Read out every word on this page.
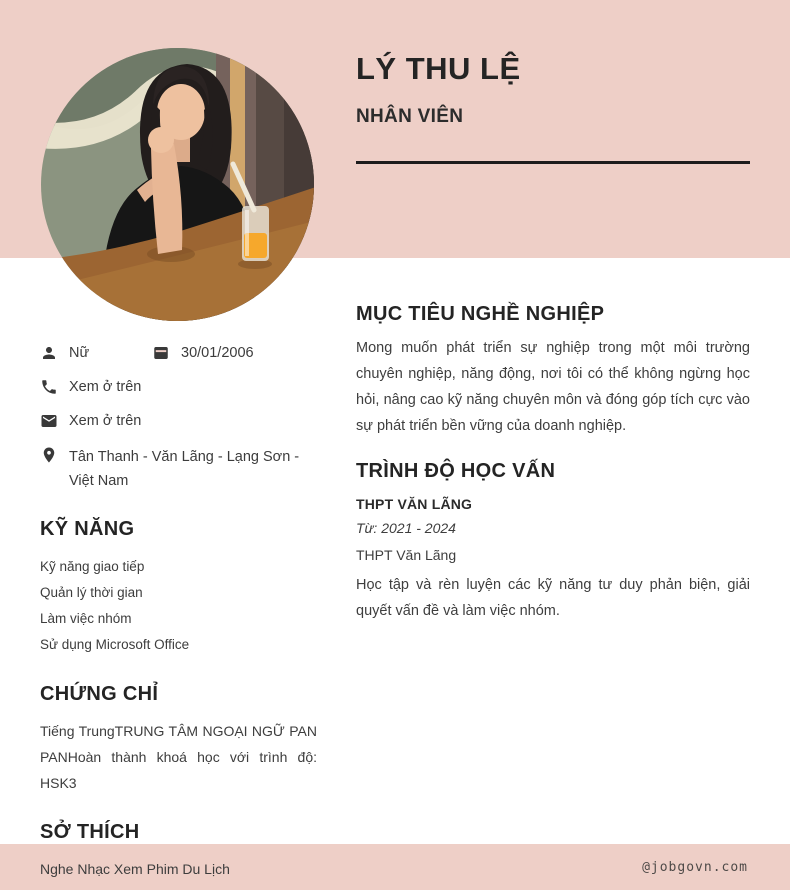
@jobgovn.com
LÝ THU LỆ
NHÂN VIÊN
Nữ	30/01/2006
Xem ở trên
Xem ở trên
Tân Thanh - Văn Lãng - Lạng Sơn - Việt Nam
KỸ NĂNG
Kỹ năng giao tiếp
Quản lý thời gian
Làm việc nhóm
Sử dụng Microsoft Office
CHỨNG CHỈ
Tiếng TrungTRUNG TÂM NGOẠI NGỮ PAN PANHoàn thành khoá học với trình độ: HSK3
SỞ THÍCH
Nghe Nhạc Xem Phim Du Lịch
MỤC TIÊU NGHỀ NGHIỆP
Mong muốn phát triển sự nghiệp trong một môi trường chuyên nghiệp, năng động, nơi tôi có thể không ngừng học hỏi, nâng cao kỹ năng chuyên môn và đóng góp tích cực vào sự phát triển bền vững của doanh nghiệp.
TRÌNH ĐỘ HỌC VẤN
THPT VĂN LÃNG
Từ: 2021 - 2024
THPT Văn Lãng
Học tập và rèn luyện các kỹ năng tư duy phản biện, giải quyết vấn đề và làm việc nhóm.
